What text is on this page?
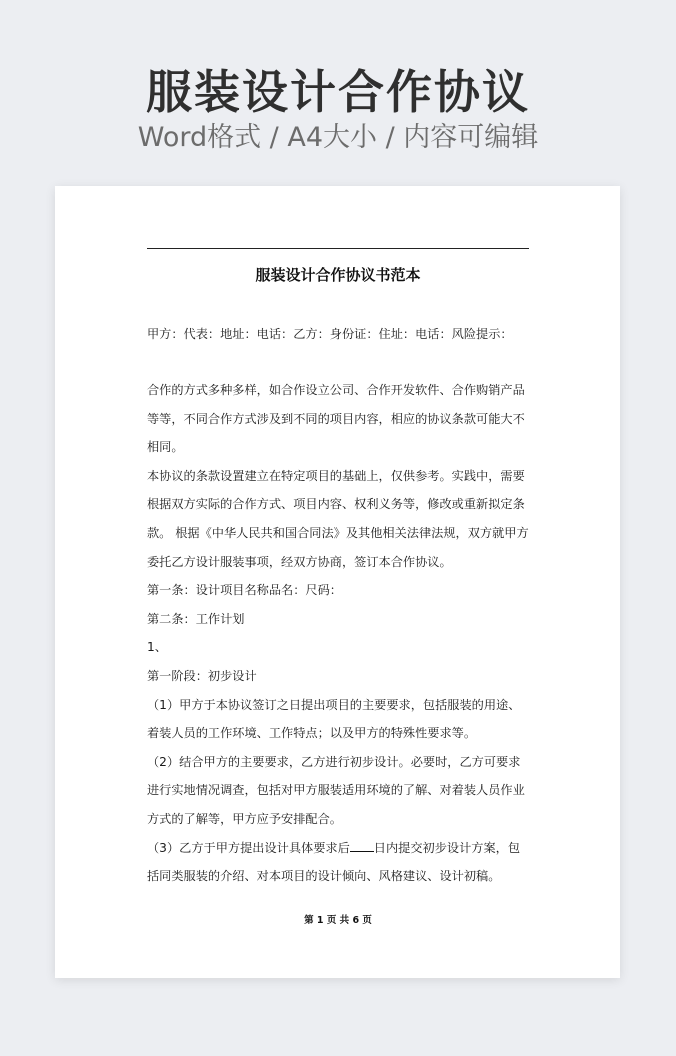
服装设计合作协议
Word格式 / A4大小 / 内容可编辑
服装设计合作协议书范本

甲方：代表：地址：电话：乙方：身份证：住址：电话：风险提示：

合作的方式多种多样，如合作设立公司、合作开发软件、合作购销产品等等，不同合作方式涉及到不同的项目内容，相应的协议条款可能大不相同。

本协议的条款设置建立在特定项目的基础上，仅供参考。实践中，需要根据双方实际的合作方式、项目内容、权利义务等，修改或重新拟定条款。 根据《中华人民共和国合同法》及其他相关法律法规，双方就甲方委托乙方设计服装事项，经双方协商，签订本合作协议。

第一条：设计项目名称品名：尺码：

第二条：工作计划

1、

第一阶段：初步设计

（1）甲方于本协议签订之日提出项目的主要要求，包括服装的用途、着装人员的工作环境、工作特点；以及甲方的特殊性要求等。

（2）结合甲方的主要要求，乙方进行初步设计。必要时，乙方可要求进行实地情况调查，包括对甲方服装适用环境的了解、对着装人员作业方式的了解等，甲方应予安排配合。

（3）乙方于甲方提出设计具体要求后 日内提交初步设计方案，包括同类服装的介绍、对本项目的设计倾向、风格建议、设计初稿。

第 1 页 共 6 页
